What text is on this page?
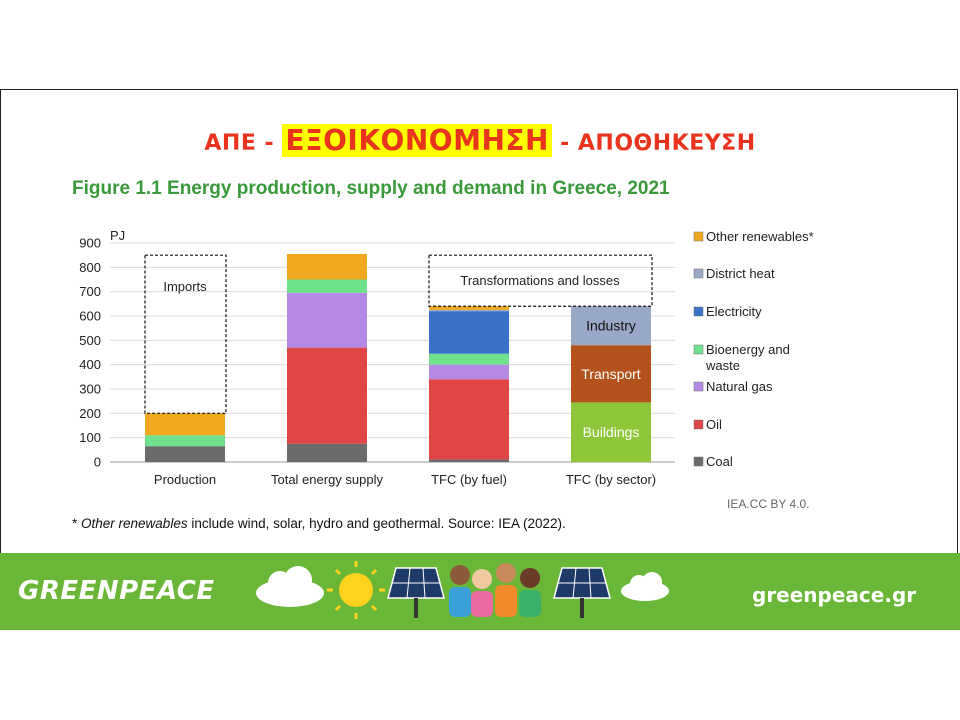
ΑΠΕ - ΕΞΟΙΚΟΝΟΜΗΣΗ - ΑΠΟΘΗΚΕΥΣΗ
Figure 1.1 Energy production, supply and demand in Greece, 2021
0
100
200
300
400
500
600
700
800
900 PJ
Production	Total energy supply	TFC (by fuel)	TFC (by sector)
Buildings
Transport
Industry
Imports	Transformations and losses
Other renewables*
District heat
Electricity
Bioenergy and
waste
Natural gas
Oil
Coal
IEA.CC BY 4.0.
* Other renewables include wind, solar, hydro and geothermal. Source: IEA (2022).
GREENPEACE	greenpeace.gr
